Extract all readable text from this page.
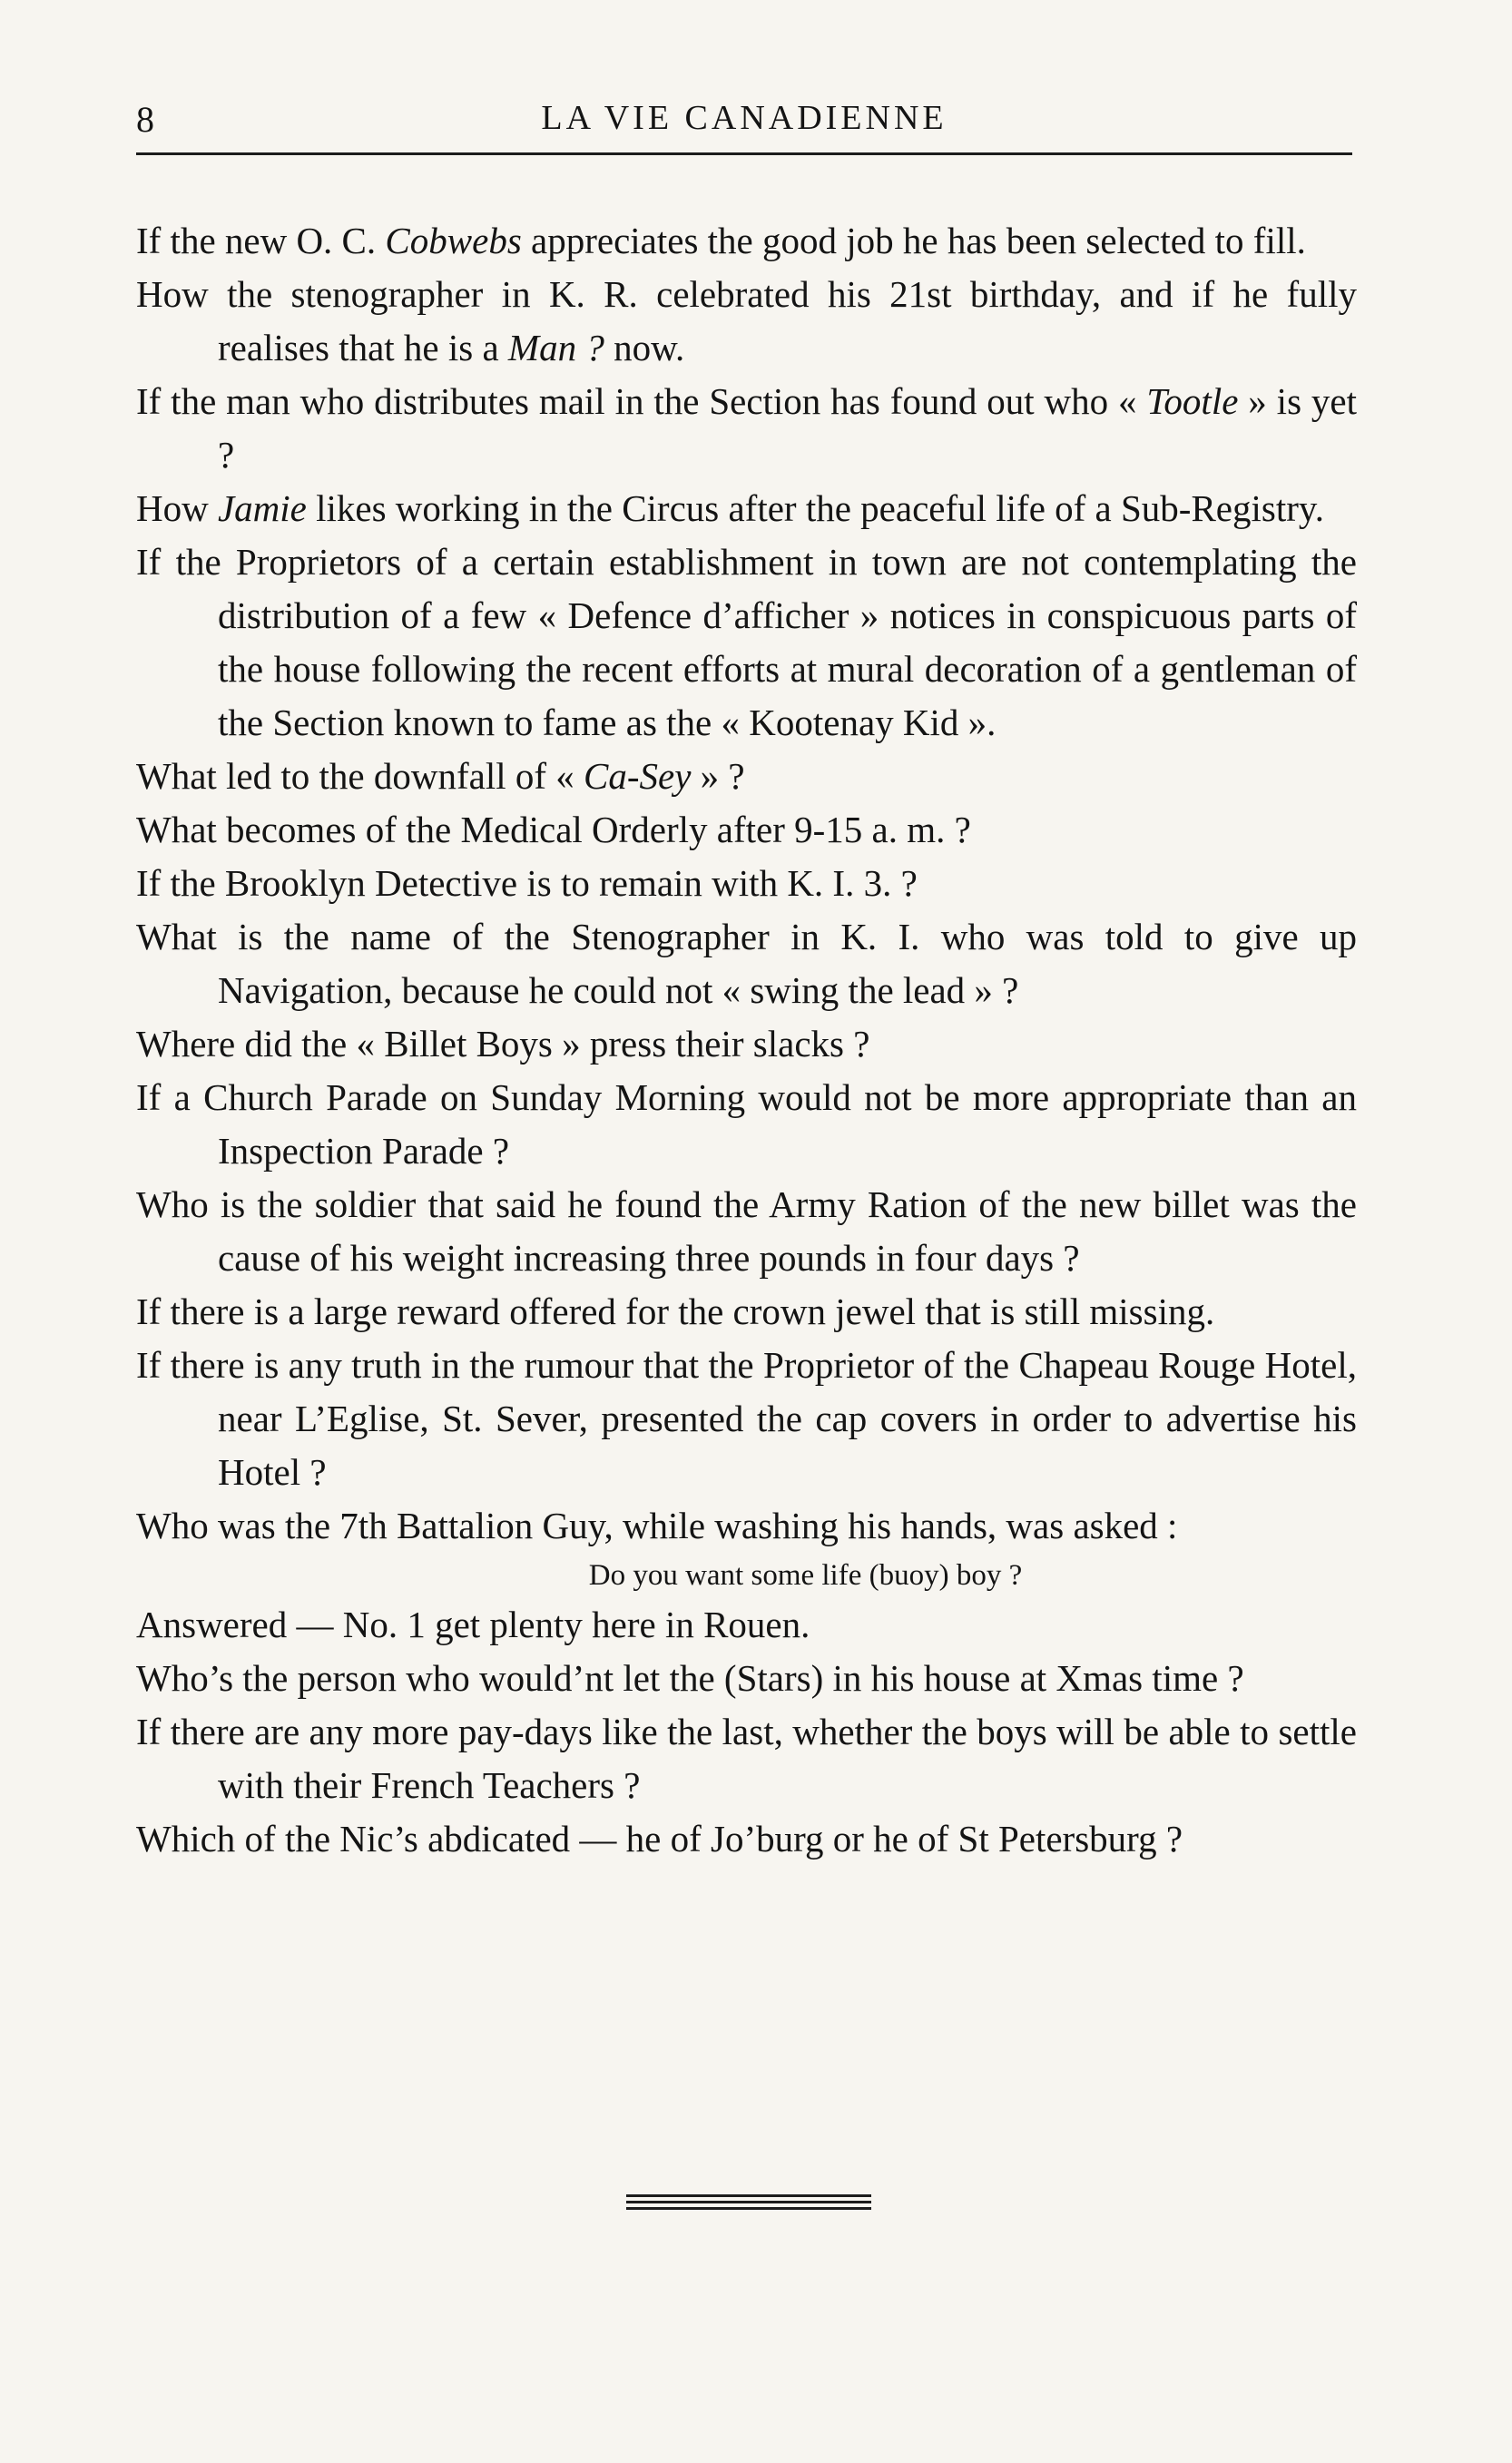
8	LA VIE CANADIENNE

If the new O. C. Cobwebs appreciates the good job he has been selected to fill.

How the stenographer in K. R. celebrated his 21st birthday, and if he fully realises that he is a Man ? now.

If the man who distributes mail in the Section has found out who « Tootle » is yet ?

How Jamie likes working in the Circus after the peaceful life of a Sub-Registry.

If the Proprietors of a certain establishment in town are not contemplating the distribution of a few « Defence d’afficher » notices in conspicuous parts of the house following the recent efforts at mural decoration of a gentleman of the Section known to fame as the « Kootenay Kid ».

What led to the downfall of « Ca-Sey » ?

What becomes of the Medical Orderly after 9-15 a. m. ?

If the Brooklyn Detective is to remain with K. I. 3. ?

What is the name of the Stenographer in K. I. who was told to give up Navigation, because he could not « swing the lead » ?

Where did the « Billet Boys » press their slacks ?

If a Church Parade on Sunday Morning would not be more appropriate than an Inspection Parade ?

Who is the soldier that said he found the Army Ration of the new billet was the cause of his weight increasing three pounds in four days ?

If there is a large reward offered for the crown jewel that is still missing.

If there is any truth in the rumour that the Proprietor of the Chapeau Rouge Hotel, near L’Eglise, St. Sever, presented the cap covers in order to advertise his Hotel ?

Who was the 7th Battalion Guy, while washing his hands, was asked :

Do you want some life (buoy) boy ?

Answered — No. 1 get plenty here in Rouen.

Who’s the person who would’nt let the (Stars) in his house at Xmas time ?

If there are any more pay-days like the last, whether the boys will be able to settle with their French Teachers ?

Which of the Nic’s abdicated — he of Jo’burg or he of St Petersburg ?
